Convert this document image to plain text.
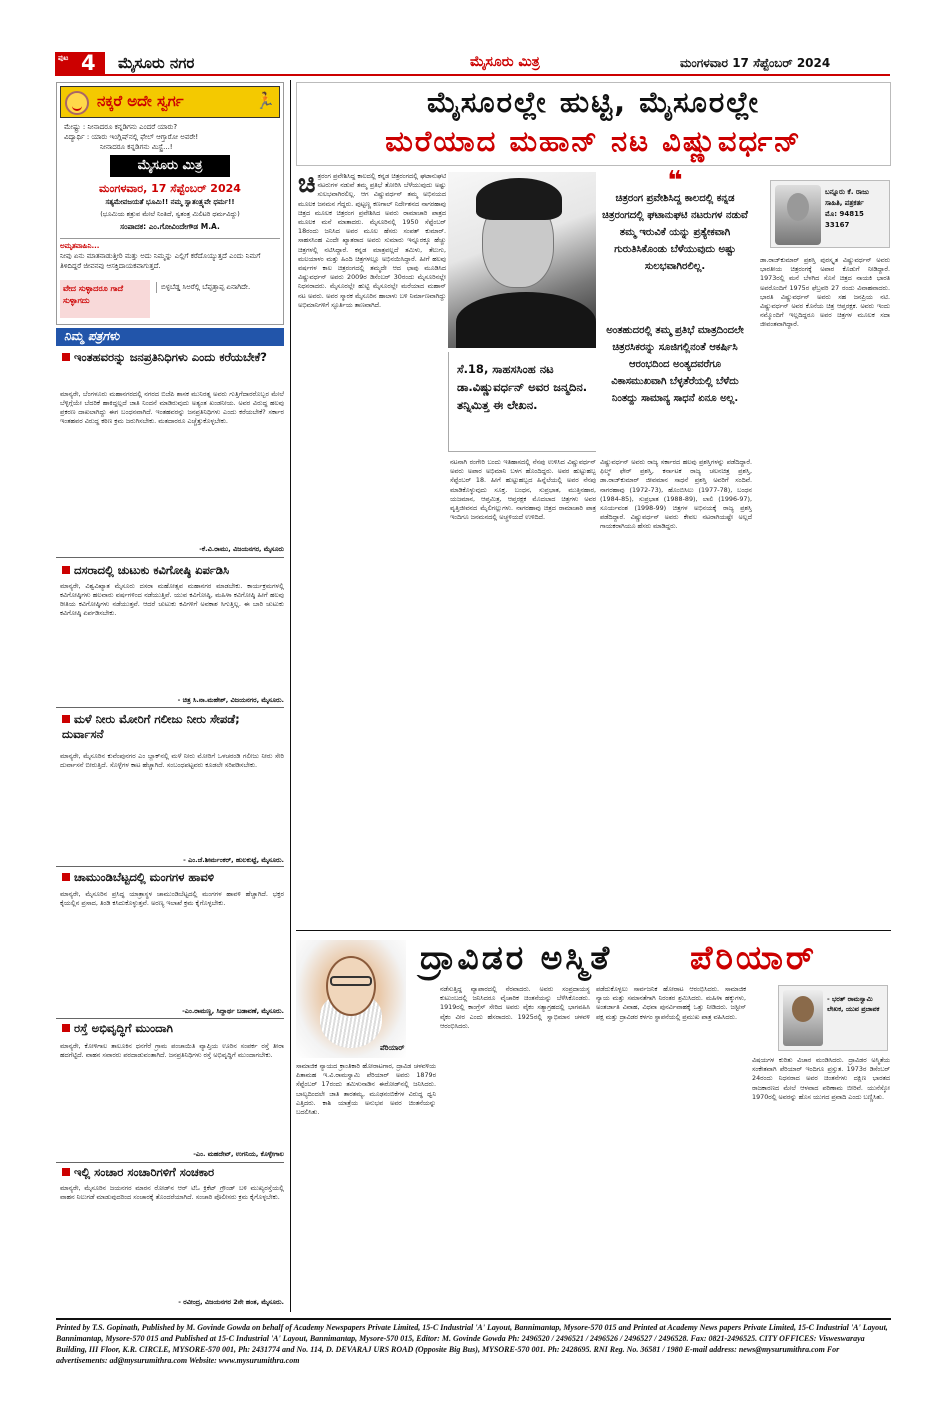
ಪುಟ 4 ಮೈಸೂರು ನಗರ	ಮೈಸೂರು ಮಿತ್ರ	ಮಂಗಳವಾರ 17 ಸೆಪ್ಟೆಂಬರ್ 2024
ನಕ್ಕರೆ ಅದೇ ಸ್ವರ್ಗ	🏃
ಮೇಷ್ಟ್ರು : ನೀನಾದರೂ ಕನ್ನಡಿಗನು ಎಂದರೆ ಯಾರು?
ವಿದ್ಯಾರ್ಥಿ : ಯಾರು ಇಂಗ್ಲಿಷ್‌ನಲ್ಲಿ ಫೇಲ್ ಆಗ್ತಾರೋ ಅವರೇ!
ನೀನಾದರೂ ಕನ್ನಡಿಗನು ಮಿಸ್ಟ್ರೆ...!
ಮೈಸೂರು ಮಿತ್ರ
ಮಂಗಳವಾರ, 17 ಸೆಪ್ಟೆಂಬರ್ 2024
ಸತ್ಯಮೇವಜಯತೆ ಭೂಮಿ!! ನಮ್ಮ ಸ್ವಾತಂತ್ರ್ಯವೇ ಧರ್ಮ!!
(ಭೂಮಿಯ ಶತ್ರುವ ಮೇಲೆ ನಿಂತಿದೆ, ಸ್ವತಂತ್ರ ಮಿಲಿಟರಿ ಧರ್ಮವಿದ್ದು)
ಸಂಪಾದಕ: ಎಂ.ಗೋವಿಂದೇಗೌಡ M.A.
ಅಮೃತವಾಹಿನಿ...
ನೀವು ಏನು ಮಾತನಾಡುತ್ತೀರಿ ಮತ್ತು ಅದು ನಿಮ್ಮನ್ನು ಎಲ್ಲಿಗೆ ಕರೆದೊಯ್ಯುತ್ತದೆ ಎಂದು ನಿಮಗೆ ತಿಳಿದಿದ್ದರೆ ಜೀವನವು ಆಸಕ್ತಿದಾಯಕವಾಗುತ್ತದೆ.
ವೇದ ಸುಳ್ಳಾದರೂ ಗಾದೆ ಸುಳ್ಳಾಗದು
ಬಿಳ್ಳಬೆಡ್ಡ ಸಿಅರೆಲ್ಲಿ ಬೆಪ್ಪತ್ತಾಪ್ಪ ಏನಾಗಿದೇ.
ನಿಮ್ಮ ಪತ್ರಗಳು
ಇಂತಹವರನ್ನು ಜನಪ್ರತಿನಿಧಿಗಳು ಎಂದು ಕರೆಯಬೇಕೆ?
ಮಾನ್ಯರೇ, ಬೆಂಗಳೂರು ಮಹಾನಗರದಲ್ಲಿ ನಗರದ ಬಿಜೆಪಿ ಶಾಸಕ ಮುನಿರತ್ನ ಅವರು ಗುತ್ತಿಗೆದಾರರೊಬ್ಬರ ಮೇಲೆ ಬೆಳ್ಳಿಗ್ಗೆಯೇ ಬೆದರಿಕೆ ಹಾಕಿದ್ದಲ್ಲದೆ ಜಾತಿ ನಿಂದನೆ ಮಾಡಿರುವುದು ಅತ್ಯಂತ ಖಂಡನೀಯ. ಅವರ ವಿರುದ್ಧ ಹಲವು ಪ್ರಕರಣ ದಾಖಲಾಗಿದ್ದು ಈಗ ಬಂಧನವಾಗಿದೆ. ಇಂತಹವರನ್ನು ಜನಪ್ರತಿನಿಧಿಗಳು ಎಂದು ಕರೆಯಬೇಕೆ? ಸರ್ಕಾರ ಇಂತಹವರ ವಿರುದ್ಧ ಕಠಿಣ ಕ್ರಮ ಜರುಗಿಸಬೇಕು. ಮತದಾರರೂ ಎಚ್ಚೆತ್ತುಕೊಳ್ಳಬೇಕು.
-ಕೆ.ವಿ.ರಾಮು, ವಿಜಯನಗರ, ಮೈಸೂರು
ದಸರಾದಲ್ಲಿ ಚುಟುಕು ಕವಿಗೋಷ್ಠಿ ಏರ್ಪಡಿಸಿ
ಮಾನ್ಯರೇ, ವಿಶ್ವವಿಖ್ಯಾತ ಮೈಸೂರು ದಸರಾ ಮಹೋತ್ಸವ ಮಹಾನಗರ ಮಾಡಬೇಕು. ಕಾರ್ಯಕ್ರಮಗಳಲ್ಲಿ ಕವಿಗೋಷ್ಠಿಗಳು ಹಲವಾರು ವರ್ಷಗಳಿಂದ ನಡೆಯುತ್ತಿವೆ. ಯುವ ಕವಿಗೋಷ್ಠಿ, ಮಹಿಳಾ ಕವಿಗೋಷ್ಠಿ ಹೀಗೆ ಹಲವು ರೀತಿಯ ಕವಿಗೋಷ್ಠಿಗಳು ನಡೆಯುತ್ತವೆ. ಆದರೆ ಚುಟುಕು ಕವಿಗಳಿಗೆ ಅವಕಾಶ ಸಿಗುತ್ತಿಲ್ಲ. ಈ ಬಾರಿ ಚುಟುಕು ಕವಿಗೋಷ್ಠಿ ಏರ್ಪಡಿಸಬೇಕು.
- ಚಿತ್ರ ಸಿ.ನಾ.ಮಹೇಶ್, ವಿಜಯನಗರ, ಮೈಸೂರು.
ಮಳೆ ನೀರು ಮೋರಿಗೆ ಗಲೀಜು ನೀರು ಸೇಪಡೆ; ದುರ್ವಾಸನೆ
ಮಾನ್ಯರೇ, ಮೈಸೂರಿನ ಕುವೆಂಪುನಗರ ಎಂ ಬ್ಲಾಕ್‌ನಲ್ಲಿ ಮಳೆ ನೀರು ಮೋರಿಗೆ ಒಳಚರಂಡಿ ಗಲೀಜು ನೀರು ಸೇರಿ ದುರ್ವಾಸನೆ ಬೀರುತ್ತಿದೆ. ಸೊಳ್ಳೆಗಳ ಕಾಟ ಹೆಚ್ಚಾಗಿದೆ. ಸಂಬಂಧಪಟ್ಟವರು ಕೂಡಲೇ ಸರಿಪಡಿಸಬೇಕು.
- ಎಂ.ಜೆ.ಶೀರ್ಮಂಕರ್, ಹುಲಕುಟ್ಟೆ, ಮೈಸೂರು.
ಚಾಮುಂಡಿಬೆಟ್ಟದಲ್ಲಿ ಮಂಗಗಳ ಹಾವಳಿ
ಮಾನ್ಯರೇ, ಮೈಸೂರಿನ ಪ್ರಸಿದ್ಧ ಯಾತ್ರಾಸ್ಥಳ ಚಾಮುಂಡಿಬೆಟ್ಟದಲ್ಲಿ ಮಂಗಗಳ ಹಾವಳಿ ಹೆಚ್ಚಾಗಿದೆ. ಭಕ್ತರ ಕೈಯಲ್ಲಿನ ಪ್ರಸಾದ, ತಿಂಡಿ ಕಸಿದುಕೊಳ್ಳುತ್ತವೆ. ಅರಣ್ಯ ಇಲಾಖೆ ಕ್ರಮ ಕೈಗೊಳ್ಳಬೇಕು.
-ಎಂ.ರಾಮಣ್ಣ, ಸಿದ್ದಾರ್ಥ ಬಡಾವಣೆ, ಮೈಸೂರು.
ರಸ್ತೆ ಅಭಿವೃದ್ಧಿಗೆ ಮುಂದಾಗಿ
ಮಾನ್ಯರೇ, ಕೋಳಿಗಾಲ ತಾಲೂಕಿನ ಧನಗೆರೆ ಗ್ರಾಮ ಪಂಚಾಯಿತಿ ವ್ಯಾಪ್ತಿಯ ಊರಿನ ಸಂಪರ್ಕ ರಸ್ತೆ ತೀರಾ ಹದಗೆಟ್ಟಿದೆ. ವಾಹನ ಸವಾರರು ಪರದಾಡುವಂತಾಗಿದೆ. ಜನಪ್ರತಿನಿಧಿಗಳು ರಸ್ತೆ ಅಭಿವೃದ್ಧಿಗೆ ಮುಂದಾಗಬೇಕು.
-ಎಂ. ಮಹದೇವ್, ಉಗನಿಯ, ಕೊಳ್ಳೇಗಾಲ
ಇಲ್ಲಿ ಸಂಚಾರ ಸಂಚಾರಿಗಳಿಗೆ ಸಂಚಕಾರ
ಮಾನ್ಯರೇ, ಮೈಸೂರಿನ ಜಯನಗರ ಮಾರನ ರೋಡ್‌ನ ಆರ್ ಟಿಓ ಕ್ರಿಕೆಟ್ ಗ್ರೌಂಡ್ ಬಳಿ ಮುಖ್ಯರಸ್ತೆಯಲ್ಲಿ ವಾಹನ ನಿಲುಗಡೆ ಮಾಡುವುದರಿಂದ ಸಂಚಾರಕ್ಕೆ ತೊಂದರೆಯಾಗಿದೆ. ಸಂಚಾರಿ ಪೊಲೀಸರು ಕ್ರಮ ಕೈಗೊಳ್ಳಬೇಕು.
- ರವೀಂದ್ರ, ವಿಜಯನಗರ 2ನೇ ಹಂತ, ಮೈಸೂರು.
ಮೈಸೂರಲ್ಲೇ ಹುಟ್ಟಿ, ಮೈಸೂರಲ್ಲೇ
ಮರೆಯಾದ ಮಹಾನ್ ನಟ ವಿಷ್ಣುವರ್ಧನ್
ಚಿತ್ರರಂಗ ಪ್ರವೇಶಿಸಿದ್ದ ಕಾಲದಲ್ಲಿ ಕನ್ನಡ ಚಿತ್ರರಂಗದಲ್ಲಿ ಘಟಾನುಘಟಿ ನಟರುಗಳ ನಡುವೆ ತಮ್ಮ ಪ್ರತಿಭೆ ತೋರಿಸಿ ಬೆಳೆಯುವುದು ಅಷ್ಟು ಸುಲಭವಾಗಿರಲಿಲ್ಲ. ಆಗ ವಿಷ್ಣುವರ್ಧನ್ ತಮ್ಮ ಅಭಿನಯದ ಮೂಲಕ ಜನಮನ ಗೆದ್ದರು. ಪುಟ್ಟಣ್ಣ ಕಣಗಾಲ್ ನಿರ್ದೇಶನದ ನಾಗರಹಾವು ಚಿತ್ರದ ಮೂಲಕ ಚಿತ್ರರಂಗ ಪ್ರವೇಶಿಸಿದ ಅವರು ರಾಮಾಚಾರಿ ಪಾತ್ರದ ಮೂಲಕ ಮನೆ ಮಾತಾದರು. ಮೈಸೂರಿನಲ್ಲಿ 1950 ಸೆಪ್ಟೆಂಬರ್ 18ರಂದು ಜನಿಸಿದ ಅವರ ಮೂಲ ಹೆಸರು ಸಂಪತ್ ಕುಮಾರ್. ಸಾಹಸಸಿಂಹ ಎಂದೇ ಖ್ಯಾತರಾದ ಅವರು ಸುಮಾರು ಇನ್ನೂರಕ್ಕೂ ಹೆಚ್ಚು ಚಿತ್ರಗಳಲ್ಲಿ ನಟಿಸಿದ್ದಾರೆ. ಕನ್ನಡ ಮಾತ್ರವಲ್ಲದೆ ತಮಿಳು, ತೆಲುಗು, ಮಲಯಾಳಂ ಮತ್ತು ಹಿಂದಿ ಚಿತ್ರಗಳಲ್ಲೂ ಅಭಿನಯಿಸಿದ್ದಾರೆ. ಹೀಗೆ ಹಲವು ವರ್ಷಗಳ ಕಾಲ ಚಿತ್ರರಂಗದಲ್ಲಿ ತಮ್ಮದೇ ಆದ ಛಾಪು ಮೂಡಿಸಿದ ವಿಷ್ಣುವರ್ಧನ್ ಅವರು 2009ರ ಡಿಸೆಂಬರ್ 30ರಂದು ಮೈಸೂರಿನಲ್ಲೇ ನಿಧನರಾದರು. ಮೈಸೂರಲ್ಲೇ ಹುಟ್ಟಿ ಮೈಸೂರಲ್ಲೇ ಮರೆಯಾದ ಮಹಾನ್ ನಟ ಅವರು. ಅವರ ಸ್ಮಾರಕ ಮೈಸೂರಿನ ಹಾಲಾಳು ಬಳಿ ನಿರ್ಮಾಣವಾಗಿದ್ದು ಅಭಿಮಾನಿಗಳಿಗೆ ಸ್ಫೂರ್ತಿಯ ತಾಣವಾಗಿದೆ.
ಸೆ.18, ಸಾಹಸಸಿಂಹ ನಟ ಡಾ.ವಿಷ್ಣುವರ್ಧನ್ ಅವರ ಜನ್ಮದಿನ. ತನ್ನಿಮಿತ್ತ ಈ ಲೇಖನ.
ನಟನಾಗಿ ರಂಗೇರಿ ಬಂದು ಇತಿಹಾಸದಲ್ಲಿ ನೆನಪು ಉಳಿಸಿದ ವಿಷ್ಣುವರ್ಧನ್ ಅವರು ಅಪಾರ ಅಭಿಮಾನಿ ಬಳಗ ಹೊಂದಿದ್ದರು. ಅವರ ಹುಟ್ಟುಹಬ್ಬ ಸೆಪ್ಟೆಂಬರ್ 18. ಹೀಗೆ ಹುಟ್ಟುಹಬ್ಬದ ಹಿನ್ನೆಲೆಯಲ್ಲಿ ಅವರ ನೆನಪು ಮಾಡಿಕೊಳ್ಳುವುದು ಸೂಕ್ತ. ಬಂಧನ, ಸುಪ್ರಭಾತ, ಮುತ್ತಿನಹಾರ, ಯಜಮಾನ, ಆಪ್ತಮಿತ್ರ, ಆಪ್ತರಕ್ಷಕ ಮೊದಲಾದ ಚಿತ್ರಗಳು ಅವರ ವೃತ್ತಿಜೀವನದ ಮೈಲಿಗಲ್ಲುಗಳು. ನಾಗರಹಾವು ಚಿತ್ರದ ರಾಮಾಚಾರಿ ಪಾತ್ರ ಇಂದಿಗೂ ಜನಮನದಲ್ಲಿ ಅಚ್ಚಳಿಯದೆ ಉಳಿದಿದೆ.
❝
ಚಿತ್ರರಂಗ ಪ್ರವೇಶಿಸಿದ್ದ ಕಾಲದಲ್ಲಿ ಕನ್ನಡ ಚಿತ್ರರಂಗದಲ್ಲಿ ಘಟಾನುಘಟಿ ನಟರುಗಳ ನಡುವೆ ತಮ್ಮ ಇರುವಿಕೆ ಯನ್ನು ಪ್ರತ್ಯೇಕವಾಗಿ ಗುರುತಿಸಿಕೊಂಡು ಬೆಳೆಯುವುದು ಅಷ್ಟು ಸುಲಭವಾಗಿರಲಿಲ್ಲ.
ಅಂತಹುದರಲ್ಲಿ ತಮ್ಮ ಪ್ರತಿಭೆ ಮಾತ್ರದಿಂದಲೇ ಚಿತ್ರರಸಿಕರನ್ನು ಸೂಜಿಗಲ್ಲಿನಂತೆ ಆಕರ್ಷಿಸಿ ಆರಂಭದಿಂದ ಅಂತ್ಯದವರೆಗೂ ವಿಕಾಸಮುಖವಾಗಿ ಬೆಳ್ಳತೆರೆಯಲ್ಲಿ ಬೆಳೆದು ನಿಂತದ್ದು ಸಾಮಾನ್ಯ ಸಾಧನೆ ಏನೂ ಅಲ್ಲ.
ವಿಷ್ಣುವರ್ಧನ್ ಅವರು ರಾಜ್ಯ ಸರ್ಕಾರದ ಹಲವು ಪ್ರಶಸ್ತಿಗಳನ್ನು ಪಡೆದಿದ್ದಾರೆ. ಫಿಲ್ಮ್ ಫೇರ್ ಪ್ರಶಸ್ತಿ, ಕರ್ನಾಟಕ ರಾಜ್ಯ ಚಲನಚಿತ್ರ ಪ್ರಶಸ್ತಿ, ಡಾ.ರಾಜ್‌ಕುಮಾರ್ ಜೀವಮಾನ ಸಾಧನೆ ಪ್ರಶಸ್ತಿ ಅವರಿಗೆ ಸಂದಿವೆ. ನಾಗರಹಾವು (1972-73), ಹೊಂಬಿಸಿಲು (1977-78), ಬಂಧನ (1984-85), ಸುಪ್ರಭಾತ (1988-89), ಲಾಲಿ (1996-97), ಸೂರ್ಯವಂಶ (1998-99) ಚಿತ್ರಗಳ ಅಭಿನಯಕ್ಕೆ ರಾಜ್ಯ ಪ್ರಶಸ್ತಿ ಪಡೆದಿದ್ದಾರೆ. ವಿಷ್ಣುವರ್ಧನ್ ಅವರು ಕೇವಲ ನಟರಾಗಿಯಷ್ಟೇ ಅಲ್ಲದೆ ಗಾಯಕರಾಗಿಯೂ ಹೆಸರು ಮಾಡಿದ್ದರು.
ಬನ್ನೂರು ಕೆ. ರಾಜು
ಸಾಹಿತಿ, ಪತ್ರಕರ್ತ
ಮೊ: 94815 33167
ಡಾ.ರಾಜ್‌ಕುಮಾರ್ ಪ್ರಶಸ್ತಿ ಪುರಸ್ಕೃತ ವಿಷ್ಣುವರ್ಧನ್ ಅವರು ಭಾರತೀಯ ಚಿತ್ರರಂಗಕ್ಕೆ ಅಪಾರ ಕೊಡುಗೆ ನೀಡಿದ್ದಾರೆ. 1973ರಲ್ಲಿ ಮನೆ ಬೆಳಗಿದ ಸೊಸೆ ಚಿತ್ರದ ನಾಯಕಿ ಭಾರತಿ ಅವರೊಂದಿಗೆ 1975ರ ಫೆಬ್ರವರಿ 27 ರಂದು ವಿವಾಹವಾದರು. ಭಾರತಿ ವಿಷ್ಣುವರ್ಧನ್ ಅವರು ಸಹ ಜನಪ್ರಿಯ ನಟಿ. ವಿಷ್ಣುವರ್ಧನ್ ಅವರ ಕೊನೆಯ ಚಿತ್ರ ಆಪ್ತರಕ್ಷಕ. ಅವರು ಇಂದು ನಮ್ಮೊಂದಿಗೆ ಇಲ್ಲದಿದ್ದರೂ ಅವರ ಚಿತ್ರಗಳ ಮೂಲಕ ಸದಾ ಜೀವಂತವಾಗಿದ್ದಾರೆ.
ಪೆರಿಯಾರ್
ದ್ರಾವಿಡರ ಅಸ್ಮಿತೆ ಪೆರಿಯಾರ್
ಸಾಮಾಜಿಕ ನ್ಯಾಯದ ಕ್ರಾಂತಿಕಾರಿ ಹೋರಾಟಗಾರ, ದ್ರಾವಿಡ ಚಳವಳಿಯ ಪಿತಾಮಹ ಇ.ವಿ.ರಾಮಸ್ವಾಮಿ ಪೆರಿಯಾರ್ ಅವರು 1879ರ ಸೆಪ್ಟೆಂಬರ್ 17ರಂದು ತಮಿಳುನಾಡಿನ ಈರೋಡ್‌ನಲ್ಲಿ ಜನಿಸಿದರು. ಬಾಲ್ಯದಿಂದಲೇ ಜಾತಿ ತಾರತಮ್ಯ, ಮೂಢನಂಬಿಕೆಗಳ ವಿರುದ್ಧ ಧ್ವನಿ ಎತ್ತಿದರು. ಕಾಶಿ ಯಾತ್ರೆಯ ಅನುಭವ ಅವರ ಚಿಂತನೆಯನ್ನು ಬದಲಿಸಿತು.
ನಡೆಸುತ್ತಿದ್ದ ವ್ಯಾಪಾರದಲ್ಲಿ ನೆರವಾದರು. ಅವರು ಸಂಪ್ರದಾಯಸ್ಥ ಕುಟುಂಬದಲ್ಲಿ ಜನಿಸಿದರೂ ವೈಚಾರಿಕ ಚಿಂತನೆಯನ್ನು ಬೆಳೆಸಿಕೊಂಡರು. 1919ರಲ್ಲಿ ಕಾಂಗ್ರೆಸ್ ಸೇರಿದ ಅವರು ವೈಕಂ ಸತ್ಯಾಗ್ರಹದಲ್ಲಿ ಭಾಗವಹಿಸಿ ವೈಕಂ ವೀರ ಎಂದು ಹೆಸರಾದರು. 1925ರಲ್ಲಿ ಸ್ವಾಭಿಮಾನ ಚಳವಳಿ ಆರಂಭಿಸಿದರು.
ಪಡೆದುಕೊಳ್ಳಲು ಸಾರ್ವಜನಿಕ ಹೋರಾಟ ಆರಂಭಿಸಿದರು. ಸಾಮಾಜಿಕ ನ್ಯಾಯ ಮತ್ತು ಸಮಾನತೆಗಾಗಿ ನಿರಂತರ ಶ್ರಮಿಸಿದರು. ಮಹಿಳಾ ಹಕ್ಕುಗಳು, ಅಂತರ್ಜಾತಿ ವಿವಾಹ, ವಿಧವಾ ಪುನರ್ವಿವಾಹಕ್ಕೆ ಒತ್ತು ನೀಡಿದರು. ಜಸ್ಟೀಸ್ ಪಕ್ಷ ಮತ್ತು ದ್ರಾವಿಡರ ಕಳಗಂ ಸ್ಥಾಪನೆಯಲ್ಲಿ ಪ್ರಮುಖ ಪಾತ್ರ ವಹಿಸಿದರು.
- ಭರತ್ ರಾಮಸ್ವಾಮಿ
ಲೇಖಕ, ಯುವ ಪ್ರಜಾಪಕ
ವಿಷಯಗಳ ಕುರಿತು ವಿಚಾರ ಮಂಡಿಸಿದರು. ದ್ರಾವಿಡರ ಅಸ್ಮಿತೆಯ ಸಂಕೇತವಾಗಿ ಪೆರಿಯಾರ್ ಇಂದಿಗೂ ಪ್ರಸ್ತುತ. 1973ರ ಡಿಸೆಂಬರ್ 24ರಂದು ನಿಧನರಾದ ಅವರ ಚಿಂತನೆಗಳು ದಕ್ಷಿಣ ಭಾರತದ ರಾಜಕಾರಣದ ಮೇಲೆ ಆಳವಾದ ಪರಿಣಾಮ ಬೀರಿವೆ. ಯುನೆಸ್ಕೋ 1970ರಲ್ಲಿ ಅವರನ್ನು ಹೊಸ ಯುಗದ ಪ್ರವಾದಿ ಎಂದು ಬಣ್ಣಿಸಿತು.
Printed by T.S. Gopinath, Published by M. Govinde Gowda on behalf of Academy Newspapers Private Limited, 15-C Industrial 'A' Layout, Bannimantap, Mysore-570 015 and Printed at Academy News papers Private Limited, 15-C Industrial 'A' Layout, Bannimantap, Mysore-570 015 and Published at 15-C Industrial 'A' Layout, Bannimantap, Mysore-570 015, Editor: M. Govinde Gowda Ph: 2496520 / 2496521 / 2496526 / 2496527 / 2496528. Fax: 0821-2496525. CITY OFFICES: Visweswaraya Building, III Floor, K.R. CIRCLE, MYSORE-570 001, Ph: 2431774 and No. 114, D. DEVARAJ URS ROAD (Opposite Big Bus), MYSORE-570 001. Ph: 2428695. RNI Reg. No. 36581 / 1980 E-mail address: news@mysurumithra.com For advertisements: ad@mysurumithra.com Website: www.mysurumithra.com
